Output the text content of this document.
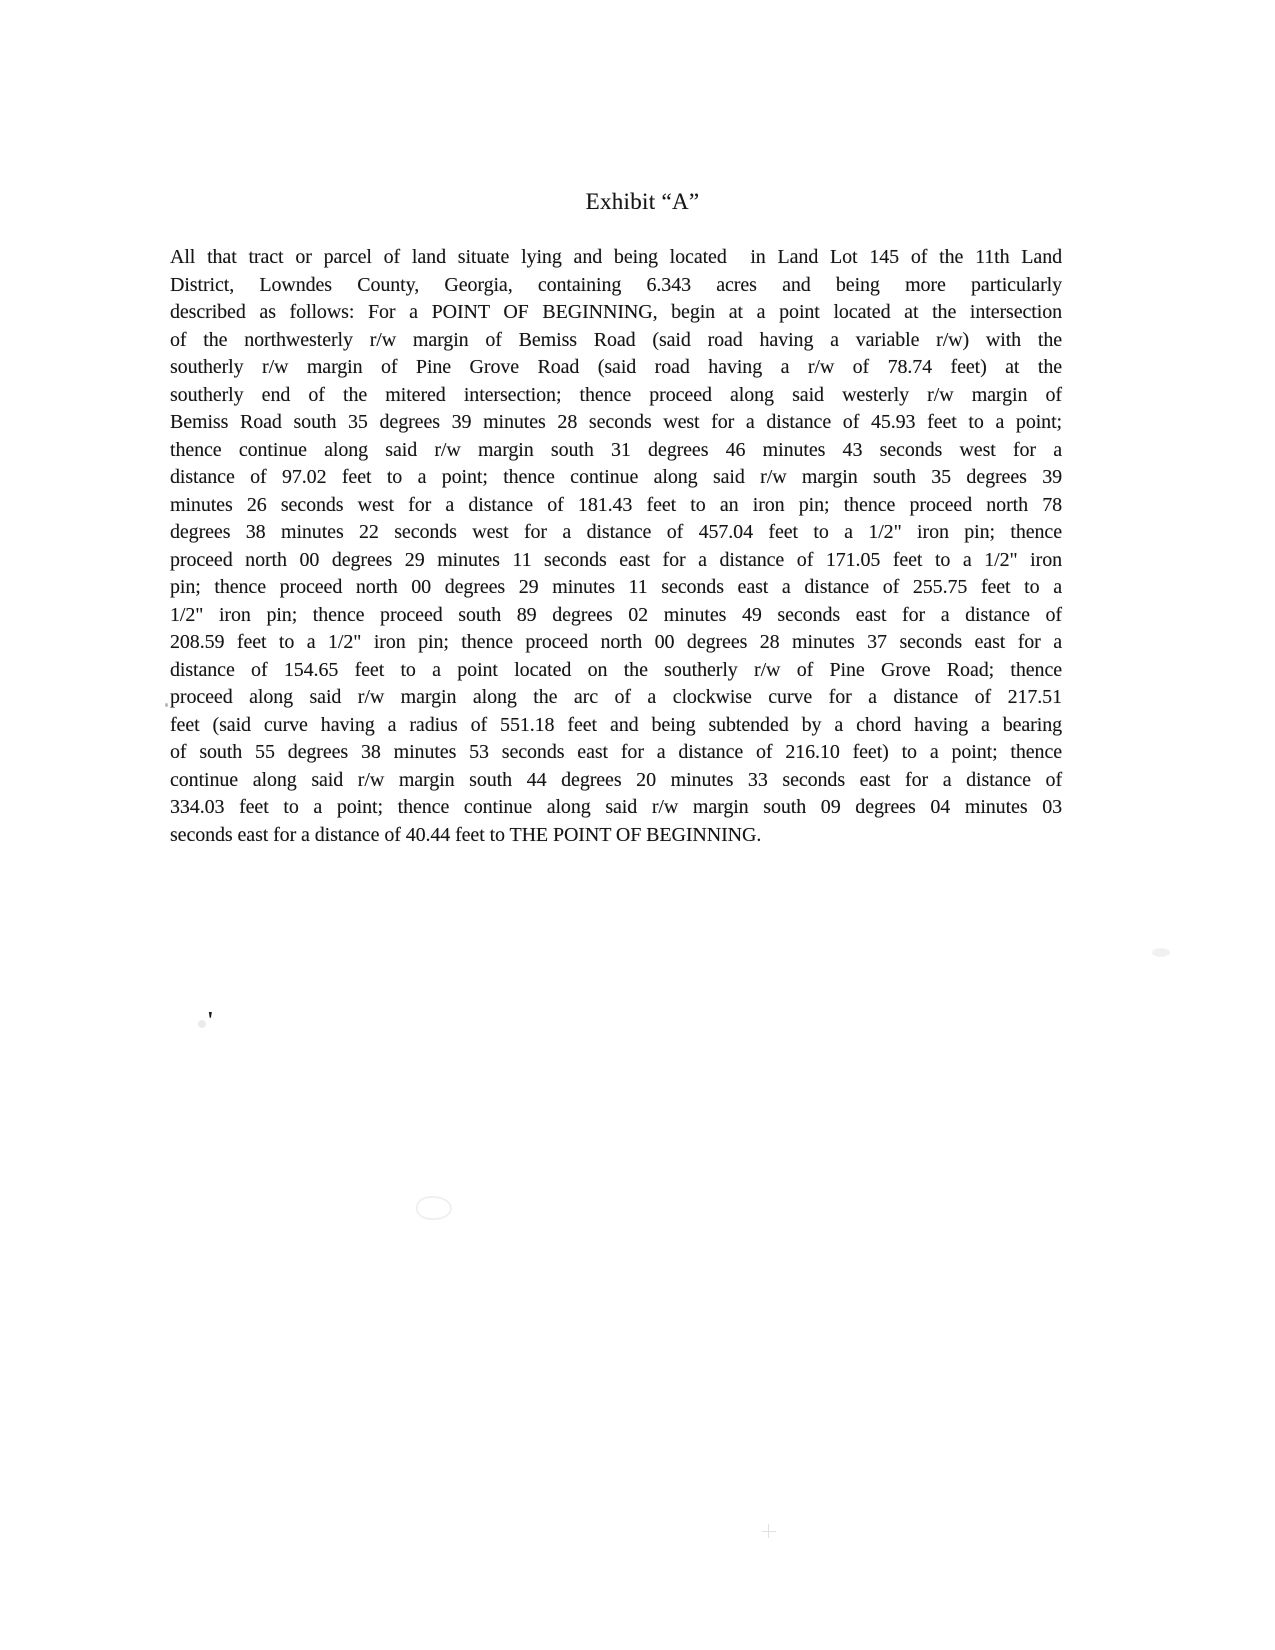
Exhibit “A”
All that tract or parcel of land situate lying and being located  in Land Lot 145 of the 11th Land
District, Lowndes County, Georgia, containing 6.343 acres and being more particularly
described as follows: For a POINT OF BEGINNING, begin at a point located at the intersection
of the northwesterly r/w margin of Bemiss Road (said road having a variable r/w) with the
southerly r/w margin of Pine Grove Road (said road having a r/w of 78.74 feet) at the
southerly end of the mitered intersection; thence proceed along said westerly r/w margin of
Bemiss Road south 35 degrees 39 minutes 28 seconds west for a distance of 45.93 feet to a point;
thence continue along said r/w margin south 31 degrees 46 minutes 43 seconds west for a
distance of 97.02 feet to a point; thence continue along said r/w margin south 35 degrees 39
minutes 26 seconds west for a distance of 181.43 feet to an iron pin; thence proceed north 78
degrees 38 minutes 22 seconds west for a distance of 457.04 feet to a 1/2" iron pin; thence
proceed north 00 degrees 29 minutes 11 seconds east for a distance of 171.05 feet to a 1/2" iron
pin; thence proceed north 00 degrees 29 minutes 11 seconds east a distance of 255.75 feet to a
1/2" iron pin; thence proceed south 89 degrees 02 minutes 49 seconds east for a distance of
208.59 feet to a 1/2" iron pin; thence proceed north 00 degrees 28 minutes 37 seconds east for a
distance of 154.65 feet to a point located on the southerly r/w of Pine Grove Road; thence
proceed along said r/w margin along the arc of a clockwise curve for a distance of 217.51
feet (said curve having a radius of 551.18 feet and being subtended by a chord having a bearing
of south 55 degrees 38 minutes 53 seconds east for a distance of 216.10 feet) to a point; thence
continue along said r/w margin south 44 degrees 20 minutes 33 seconds east for a distance of
334.03 feet to a point; thence continue along said r/w margin south 09 degrees 04 minutes 03
seconds east for a distance of 40.44 feet to THE POINT OF BEGINNING.
'
